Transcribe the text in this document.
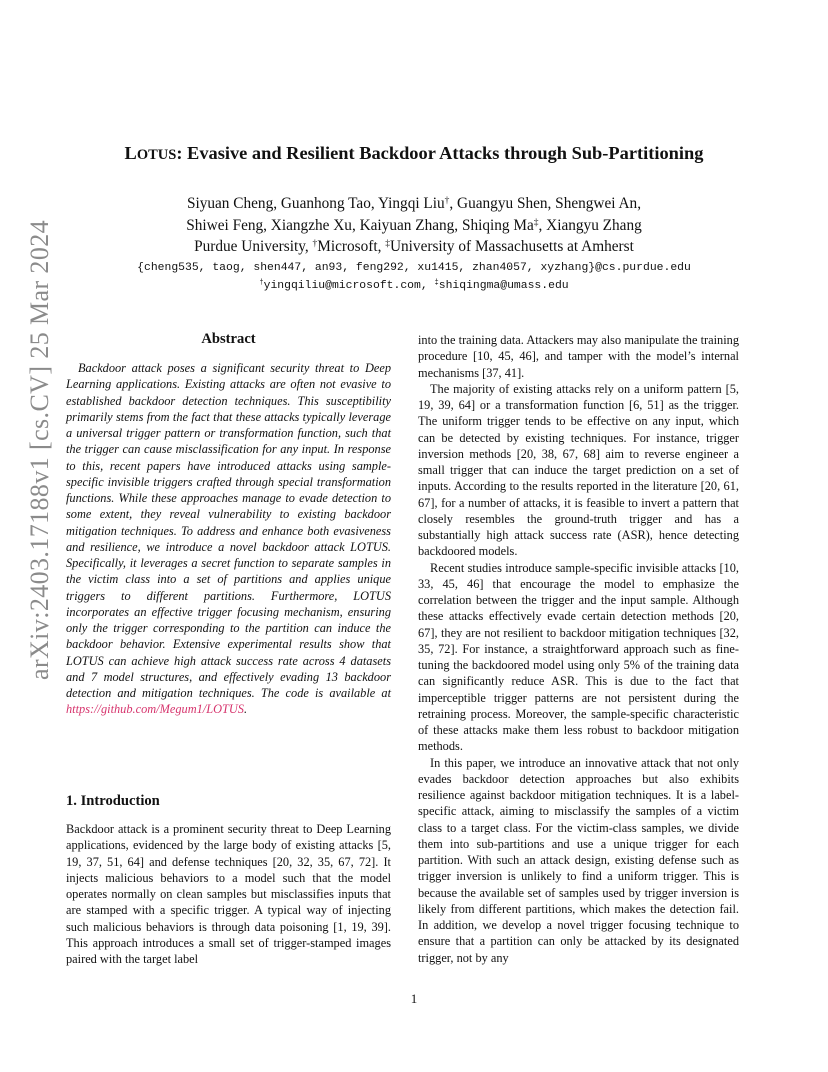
arXiv:2403.17188v1 [cs.CV] 25 Mar 2024
LOTUS: Evasive and Resilient Backdoor Attacks through Sub-Partitioning
Siyuan Cheng, Guanhong Tao, Yingqi Liu†, Guangyu Shen, Shengwei An,
Shiwei Feng, Xiangzhe Xu, Kaiyuan Zhang, Shiqing Ma‡, Xiangyu Zhang
Purdue University, †Microsoft, ‡University of Massachusetts at Amherst
{cheng535, taog, shen447, an93, feng292, xu1415, zhan4057, xyzhang}@cs.purdue.edu
†yingqiliu@microsoft.com, ‡shiqingma@umass.edu
Abstract

Backdoor attack poses a significant security threat to Deep Learning applications. Existing attacks are often not evasive to established backdoor detection techniques. This susceptibility primarily stems from the fact that these attacks typically leverage a universal trigger pattern or transformation function, such that the trigger can cause misclassification for any input. In response to this, recent papers have introduced attacks using sample-specific invisible triggers crafted through special transformation functions. While these approaches manage to evade detection to some extent, they reveal vulnerability to existing backdoor mitigation techniques. To address and enhance both evasiveness and resilience, we introduce a novel backdoor attack LOTUS. Specifically, it leverages a secret function to separate samples in the victim class into a set of partitions and applies unique triggers to different partitions. Furthermore, LOTUS incorporates an effective trigger focusing mechanism, ensuring only the trigger corresponding to the partition can induce the backdoor behavior. Extensive experimental results show that LOTUS can achieve high attack success rate across 4 datasets and 7 model structures, and effectively evading 13 backdoor detection and mitigation techniques. The code is available at https://github.com/Megum1/LOTUS.

1. Introduction

Backdoor attack is a prominent security threat to Deep Learning applications, evidenced by the large body of existing attacks [5, 19, 37, 51, 64] and defense techniques [20, 32, 35, 67, 72]. It injects malicious behaviors to a model such that the model operates normally on clean samples but misclassifies inputs that are stamped with a specific trigger. A typical way of injecting such malicious behaviors is through data poisoning [1, 19, 39]. This approach introduces a small set of trigger-stamped images paired with the target label

into the training data. Attackers may also manipulate the training procedure [10, 45, 46], and tamper with the model’s internal mechanisms [37, 41].

The majority of existing attacks rely on a uniform pattern [5, 19, 39, 64] or a transformation function [6, 51] as the trigger. The uniform trigger tends to be effective on any input, which can be detected by existing techniques. For instance, trigger inversion methods [20, 38, 67, 68] aim to reverse engineer a small trigger that can induce the target prediction on a set of inputs. According to the results reported in the literature [20, 61, 67], for a number of attacks, it is feasible to invert a pattern that closely resembles the ground-truth trigger and has a substantially high attack success rate (ASR), hence detecting backdoored models.

Recent studies introduce sample-specific invisible attacks [10, 33, 45, 46] that encourage the model to emphasize the correlation between the trigger and the input sample. Although these attacks effectively evade certain detection methods [20, 67], they are not resilient to backdoor mitigation techniques [32, 35, 72]. For instance, a straightforward approach such as fine-tuning the backdoored model using only 5% of the training data can significantly reduce ASR. This is due to the fact that imperceptible trigger patterns are not persistent during the retraining process. Moreover, the sample-specific characteristic of these attacks make them less robust to backdoor mitigation methods.

In this paper, we introduce an innovative attack that not only evades backdoor detection approaches but also exhibits resilience against backdoor mitigation techniques. It is a label-specific attack, aiming to misclassify the samples of a victim class to a target class. For the victim-class samples, we divide them into sub-partitions and use a unique trigger for each partition. With such an attack design, existing defense such as trigger inversion is unlikely to find a uniform trigger. This is because the available set of samples used by trigger inversion is likely from different partitions, which makes the detection fail. In addition, we develop a novel trigger focusing technique to ensure that a partition can only be attacked by its designated trigger, not by any

1
